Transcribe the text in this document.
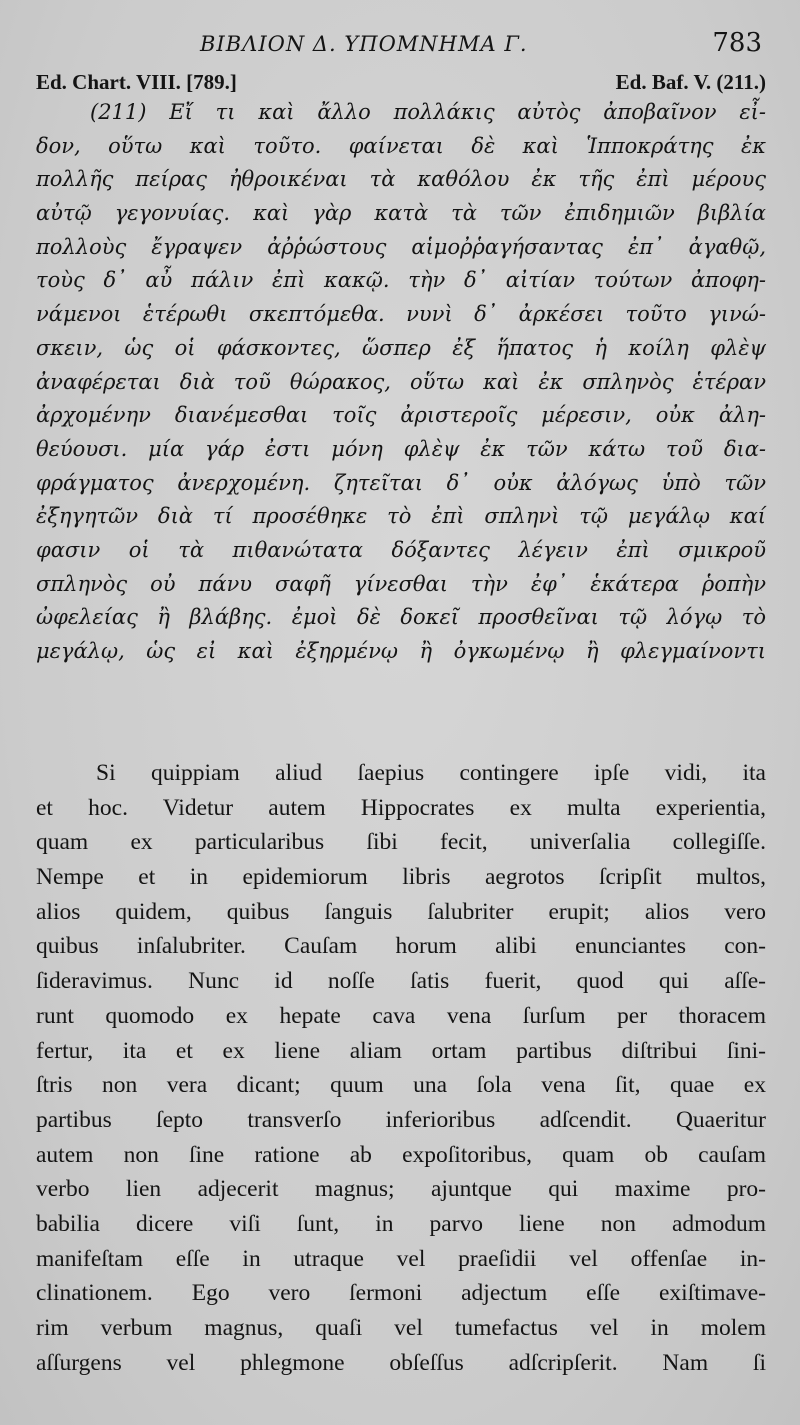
ΒΙΒΛΙΟΝ Δ. ΥΠΟΜΝΗΜΑ Γ.	783
Ed. Chart. VIII. [789.]	Ed. Baf. V. (211.)
(211) Εἴ τι καὶ ἄλλο πολλάκις αὐτὸς ἀποβαῖνον εἶ-
δον, οὕτω καὶ τοῦτο. φαίνεται δὲ καὶ Ἱπποκράτης ἐκ
πολλῆς πείρας ἠθροικέναι τὰ καθόλου ἐκ τῆς ἐπὶ μέρους
αὐτῷ γεγονυίας. καὶ γὰρ κατὰ τὰ τῶν ἐπιδημιῶν βιβλία
πολλοὺς ἔγραψεν ἀῤῥώστους αἱμοῤῥαγήσαντας ἐπ᾽ ἀγαθῷ,
τοὺς δ᾽ αὖ πάλιν ἐπὶ κακῷ. τὴν δ᾽ αἰτίαν τούτων ἀποφη-
νάμενοι ἑτέρωθι σκεπτόμεθα. νυνὶ δ᾽ ἀρκέσει τοῦτο γινώ-
σκειν, ὡς οἱ φάσκοντες, ὥσπερ ἐξ ἥπατος ἡ κοίλη φλὲψ
ἀναφέρεται διὰ τοῦ θώρακος, οὕτω καὶ ἐκ σπληνὸς ἑτέραν
ἀρχομένην διανέμεσθαι τοῖς ἀριστεροῖς μέρεσιν, οὐκ ἀλη-
θεύουσι. μία γάρ ἐστι μόνη φλὲψ ἐκ τῶν κάτω τοῦ δια-
φράγματος ἀνερχομένη. ζητεῖται δ᾽ οὐκ ἀλόγως ὑπὸ τῶν
ἐξηγητῶν διὰ τί προσέθηκε τὸ ἐπὶ σπληνὶ τῷ μεγάλῳ καί
φασιν οἱ τὰ πιθανώτατα δόξαντες λέγειν ἐπὶ σμικροῦ
σπληνὸς οὐ πάνυ σαφῆ γίνεσθαι τὴν ἐφ᾽ ἑκάτερα ῥοπὴν
ὠφελείας ἢ βλάβης. ἐμοὶ δὲ δοκεῖ προσθεῖναι τῷ λόγῳ τὸ
μεγάλῳ, ὡς εἰ καὶ ἐξηρμένῳ ἢ ὀγκωμένῳ ἢ φλεγμαίνοντι
Si quippiam aliud ſaepius contingere ipſe vidi, ita
et hoc. Videtur autem Hippocrates ex multa experientia,
quam ex particularibus ſibi fecit, univerſalia collegiſſe.
Nempe et in epidemiorum libris aegrotos ſcripſit multos,
alios quidem, quibus ſanguis ſalubriter erupit; alios vero
quibus inſalubriter. Cauſam horum alibi enunciantes con-
ſideravimus. Nunc id noſſe ſatis fuerit, quod qui aſſe-
runt quomodo ex hepate cava vena ſurſum per thoracem
fertur, ita et ex liene aliam ortam partibus diſtribui ſini-
ſtris non vera dicant; quum una ſola vena ſit, quae ex
partibus ſepto transverſo inferioribus adſcendit. Quaeritur
autem non ſine ratione ab expoſitoribus, quam ob cauſam
verbo lien adjecerit magnus; ajuntque qui maxime pro-
babilia dicere viſi ſunt, in parvo liene non admodum
manifeſtam eſſe in utraque vel praeſidii vel offenſae in-
clinationem. Ego vero ſermoni adjectum eſſe exiſtimave-
rim verbum magnus, quaſi vel tumefactus vel in molem
aſſurgens vel phlegmone obſeſſus adſcripſerit. Nam ſi
